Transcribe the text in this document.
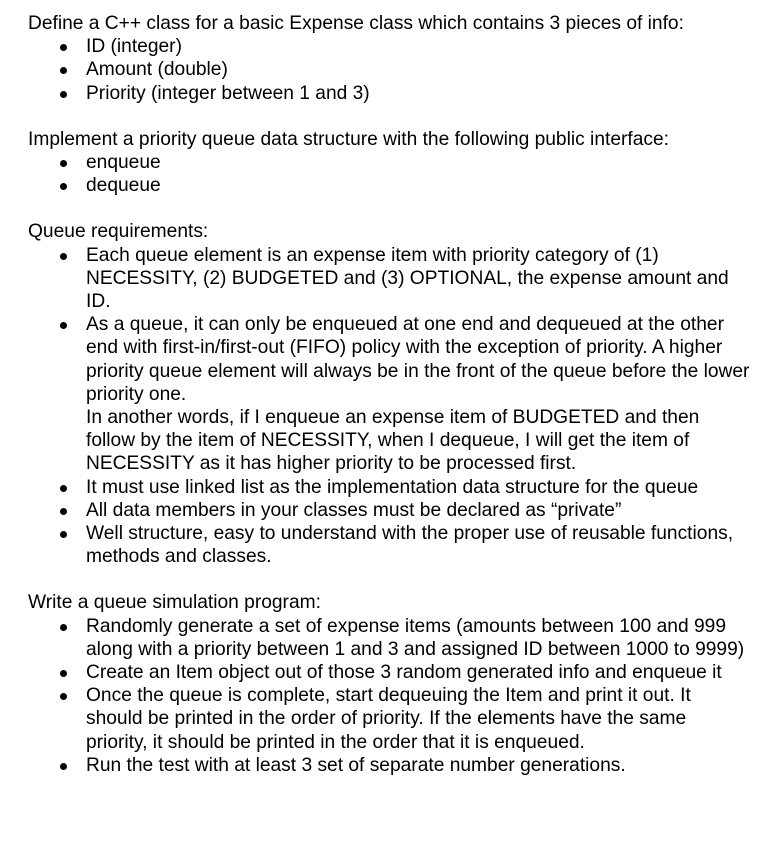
Define a C++ class for a basic Expense class which contains 3 pieces of info:

ID (integer)
Amount (double)
Priority (integer between 1 and 3)

Implement a priority queue data structure with the following public interface:

enqueue
dequeue

Queue requirements:

Each queue element is an expense item with priority category of (1) NECESSITY, (2) BUDGETED and (3) OPTIONAL, the expense amount and ID.
As a queue, it can only be enqueued at one end and dequeued at the other end with first-in/first-out (FIFO) policy with the exception of priority. A higher priority queue element will always be in the front of the queue before the lower priority one.
In another words, if I enqueue an expense item of BUDGETED and then follow by the item of NECESSITY, when I dequeue, I will get the item of NECESSITY as it has higher priority to be processed first.
It must use linked list as the implementation data structure for the queue
All data members in your classes must be declared as “private”
Well structure, easy to understand with the proper use of reusable functions, methods and classes.

Write a queue simulation program:

Randomly generate a set of expense items (amounts between 100 and 999 along with a priority between 1 and 3 and assigned ID between 1000 to 9999)
Create an Item object out of those 3 random generated info and enqueue it
Once the queue is complete, start dequeuing the Item and print it out. It should be printed in the order of priority. If the elements have the same priority, it should be printed in the order that it is enqueued.
Run the test with at least 3 set of separate number generations.
